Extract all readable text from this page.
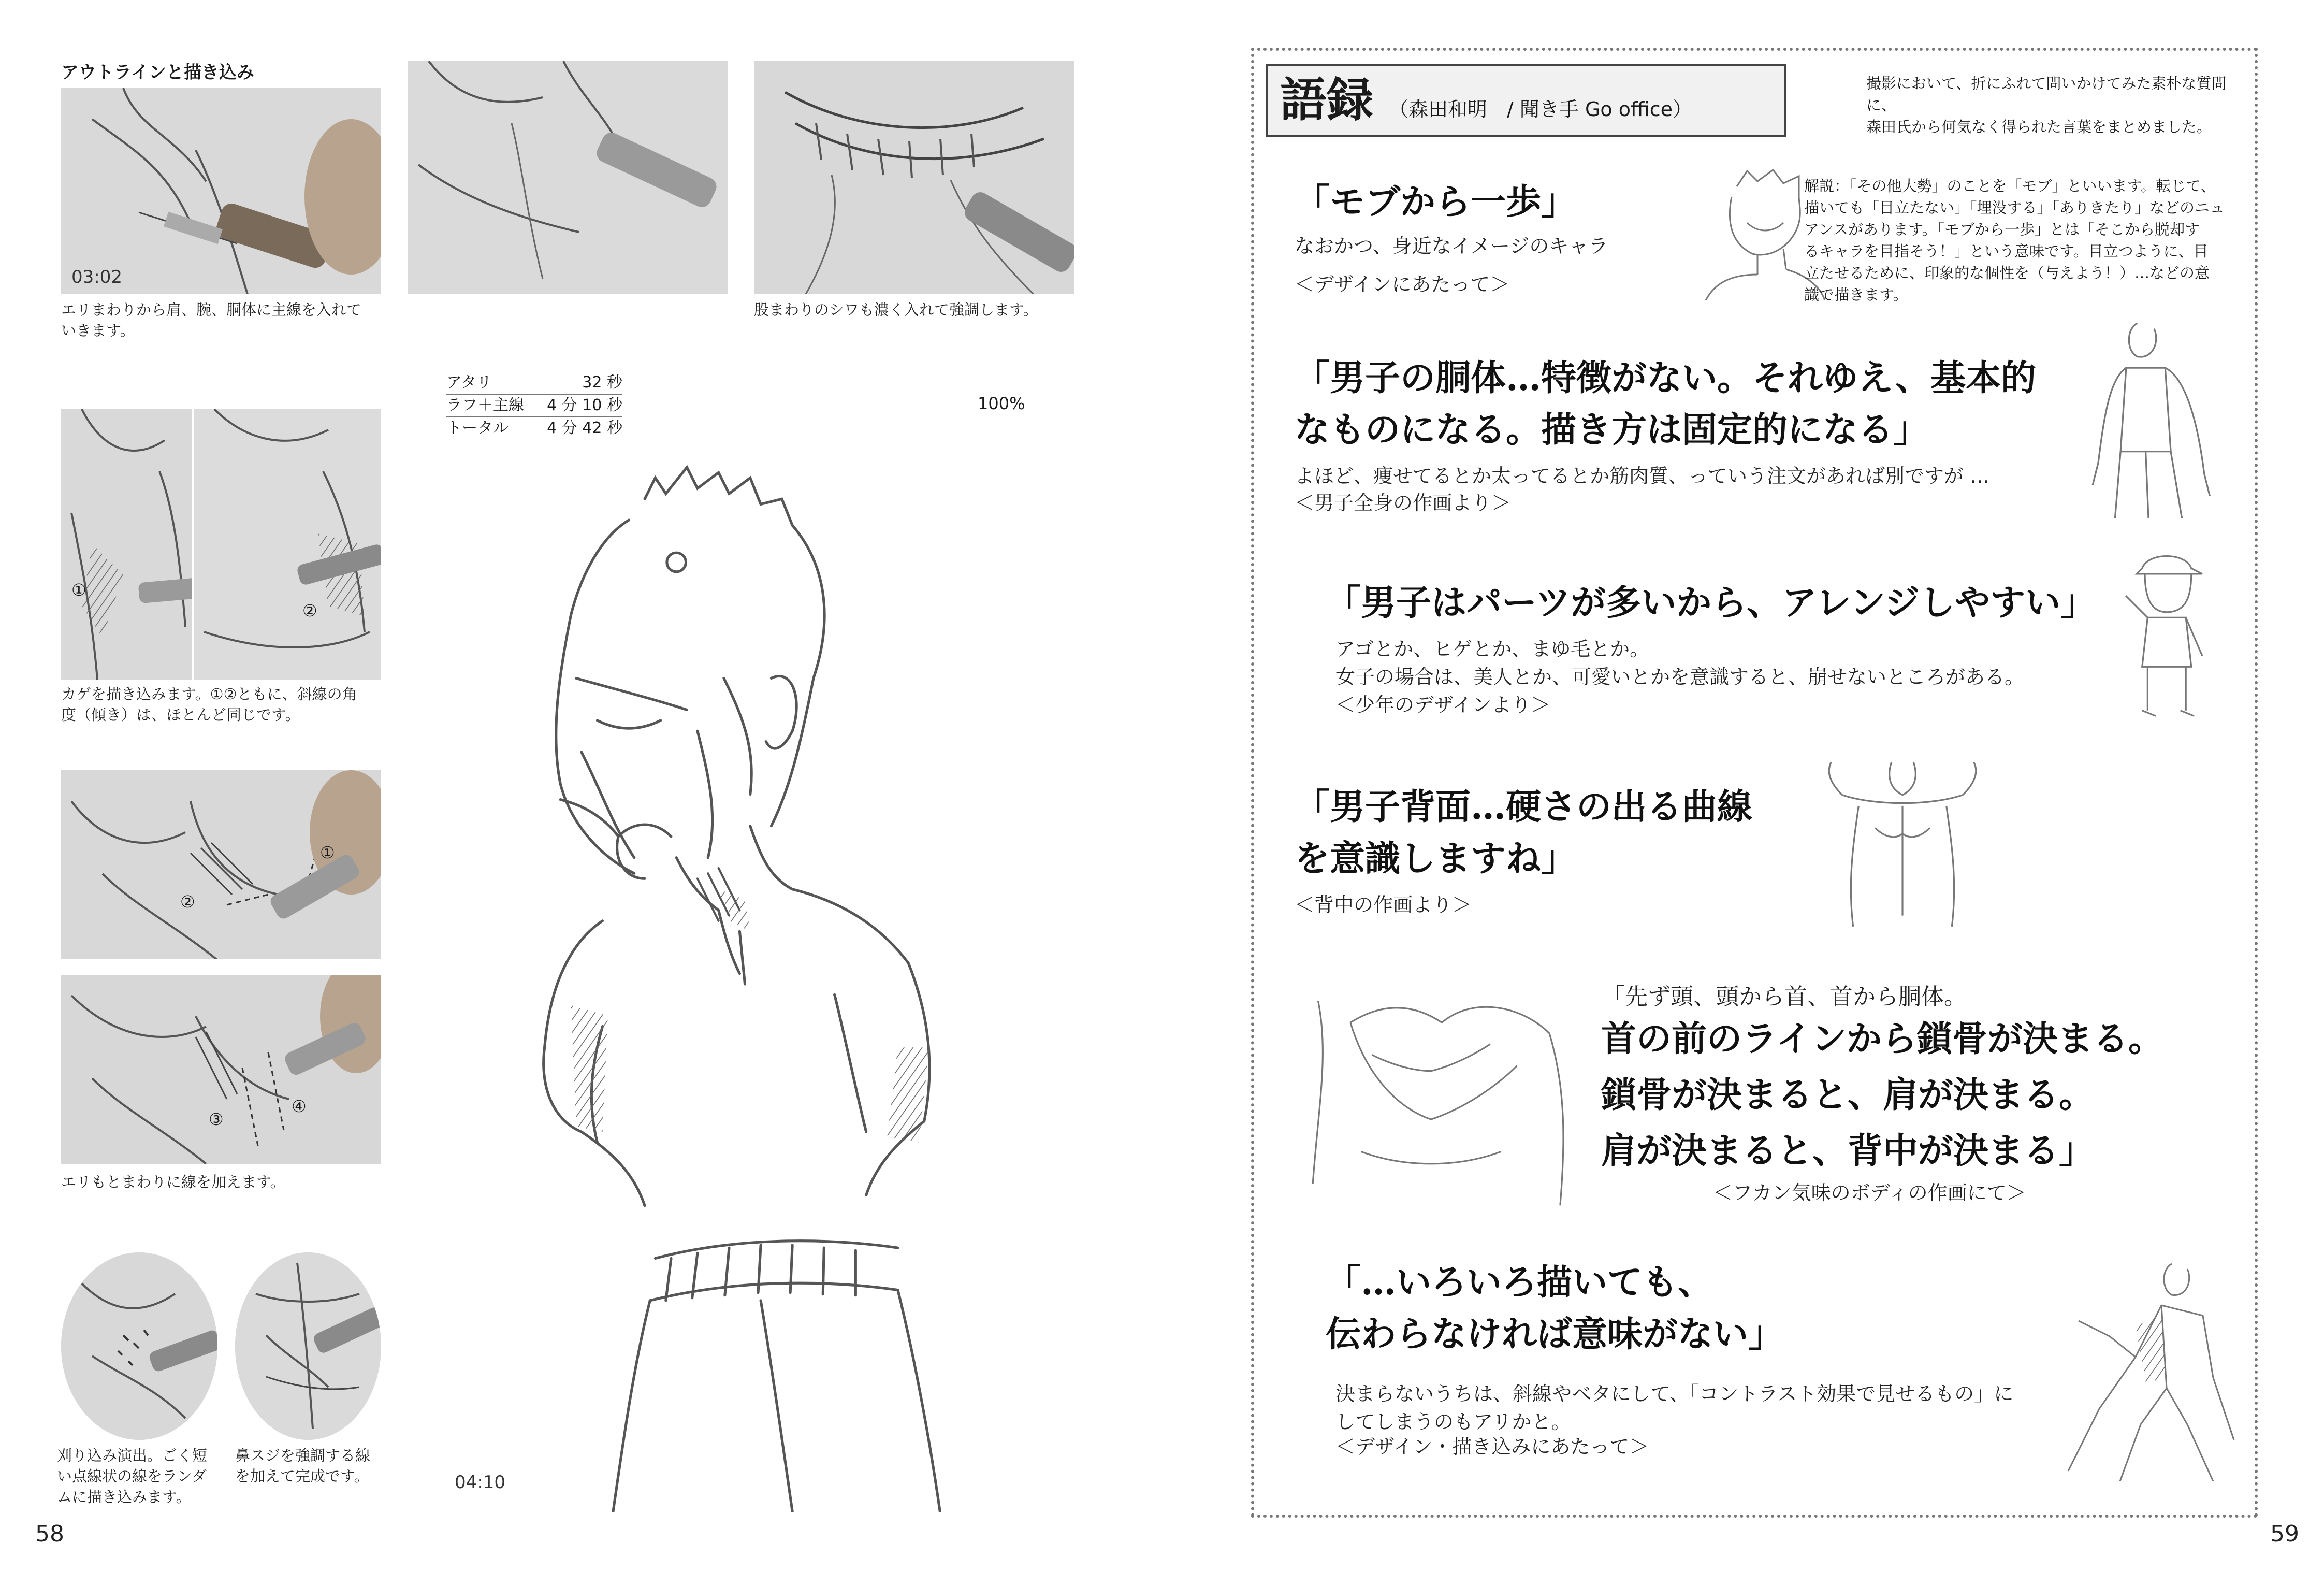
アウトラインと描き込み
03:02
エリまわりから肩、腕、胴体に主線を入れて
いきます。
股まわりのシワも濃く入れて強調します。
①
②
カゲを描き込みます。①②ともに、斜線の角
度（傾き）は、ほとんど同じです。
①
②
③
④
エリもとまわりに線を加えます。
刈り込み演出。ごく短
い点線状の線をランダ
ムに描き込みます。
鼻スジを強調する線
を加えて完成です。
アタリ	32 秒
ラフ＋主線 4 分 10 秒
トータル 4 分 42 秒
100%
04:10
58
語録 （森田和明　/ 聞き手 Go office）
撮影において、折にふれて問いかけてみた素朴な質問に、
森田氏から何気なく得られた言葉をまとめました。
「モブから一歩」
なおかつ、身近なイメージのキャラ
＜デザインにあたって＞
解説：「その他大勢」のことを「モブ」といいます。転じて、
描いても「目立たない」「埋没する」「ありきたり」などのニュ
アンスがあります。「モブから一歩」とは「そこから脱却す
るキャラを目指そう！」という意味です。目立つように、目
立たせるために、印象的な個性を（与えよう！）…などの意
識で描きます。
「男子の胴体…特徴がない。それゆえ、基本的
なものになる。描き方は固定的になる」
よほど、痩せてるとか太ってるとか筋肉質、っていう注文があれば別ですが …
＜男子全身の作画より＞
「男子はパーツが多いから、アレンジしやすい」
アゴとか、ヒゲとか、まゆ毛とか。
女子の場合は、美人とか、可愛いとかを意識すると、崩せないところがある。
＜少年のデザインより＞
「男子背面…硬さの出る曲線
を意識しますね」
＜背中の作画より＞
「先ず頭、頭から首、首から胴体。
首の前のラインから鎖骨が決まる。
鎖骨が決まると、肩が決まる。
肩が決まると、背中が決まる」
＜フカン気味のボディの作画にて＞
「…いろいろ描いても、
伝わらなければ意味がない」
決まらないうちは、斜線やベタにして、「コントラスト効果で見せるもの」に
してしまうのもアリかと。
＜デザイン・描き込みにあたって＞
59
